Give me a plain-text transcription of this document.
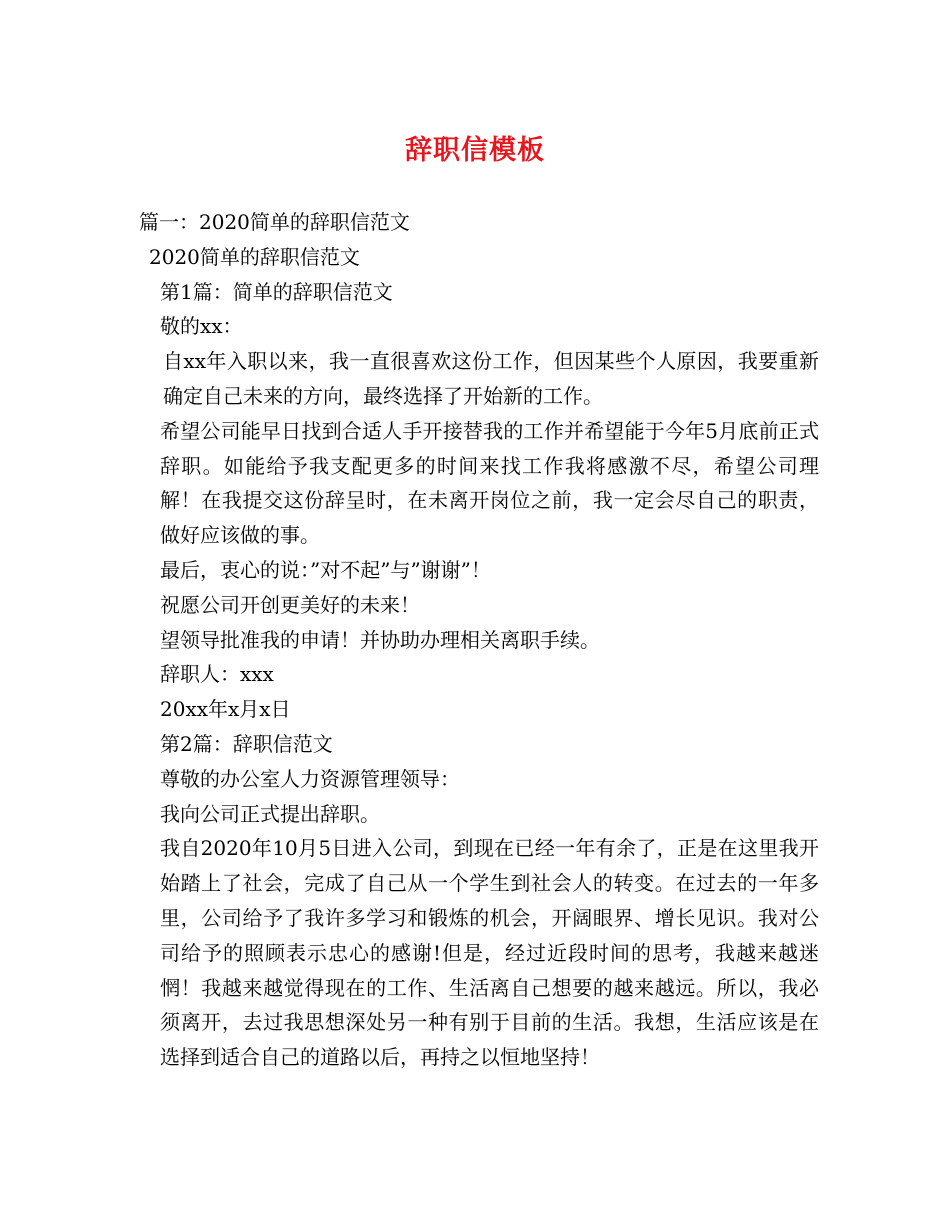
辞职信模板
篇一：2020简单的辞职信范文
2020简单的辞职信范文
第1篇：简单的辞职信范文
敬的xx：
自xx年入职以来，我一直很喜欢这份工作，但因某些个人原因，我要重新确定自己未来的方向，最终选择了开始新的工作。
希望公司能早日找到合适人手开接替我的工作并希望能于今年5月底前正式辞职。如能给予我支配更多的时间来找工作我将感激不尽，希望公司理解！在我提交这份辞呈时，在未离开岗位之前，我一定会尽自己的职责，做好应该做的事。
最后，衷心的说：”对不起”与”谢谢”！
祝愿公司开创更美好的未来！
望领导批准我的申请！并协助办理相关离职手续。
辞职人：xxx
20xx年x月x日
第2篇：辞职信范文
尊敬的办公室人力资源管理领导：
我向公司正式提出辞职。
我自2020年10月5日进入公司，到现在已经一年有余了，正是在这里我开始踏上了社会，完成了自己从一个学生到社会人的转变。在过去的一年多里，公司给予了我许多学习和锻炼的机会，开阔眼界、增长见识。我对公司给予的照顾表示忠心的感谢!但是，经过近段时间的思考，我越来越迷惘！我越来越觉得现在的工作、生活离自己想要的越来越远。所以，我必须离开，去过我思想深处另一种有别于目前的生活。我想，生活应该是在选择到适合自己的道路以后，再持之以恒地坚持！
